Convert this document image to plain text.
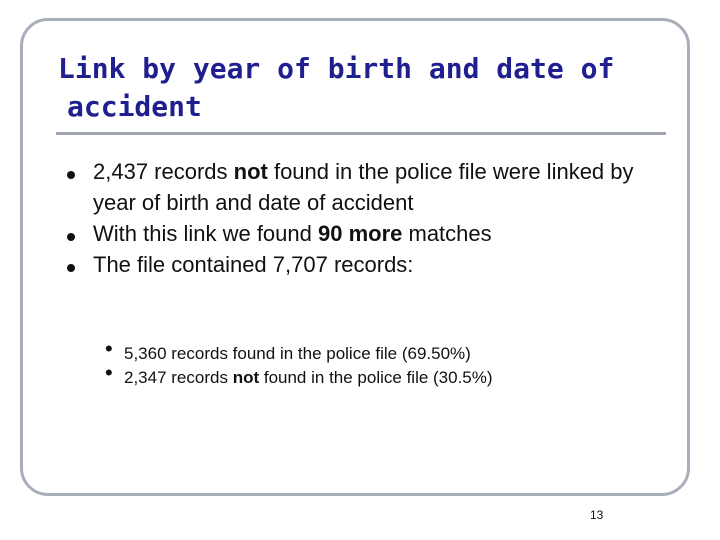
Link by year of birth and date of
accident
2,437 records not found in the police file were linked by year of birth and date of accident
With this link we found 90 more matches
The file contained 7,707 records:
• 5,360 records found in the police file (69.50%)
• 2,347 records not found in the police file (30.5%)
13
